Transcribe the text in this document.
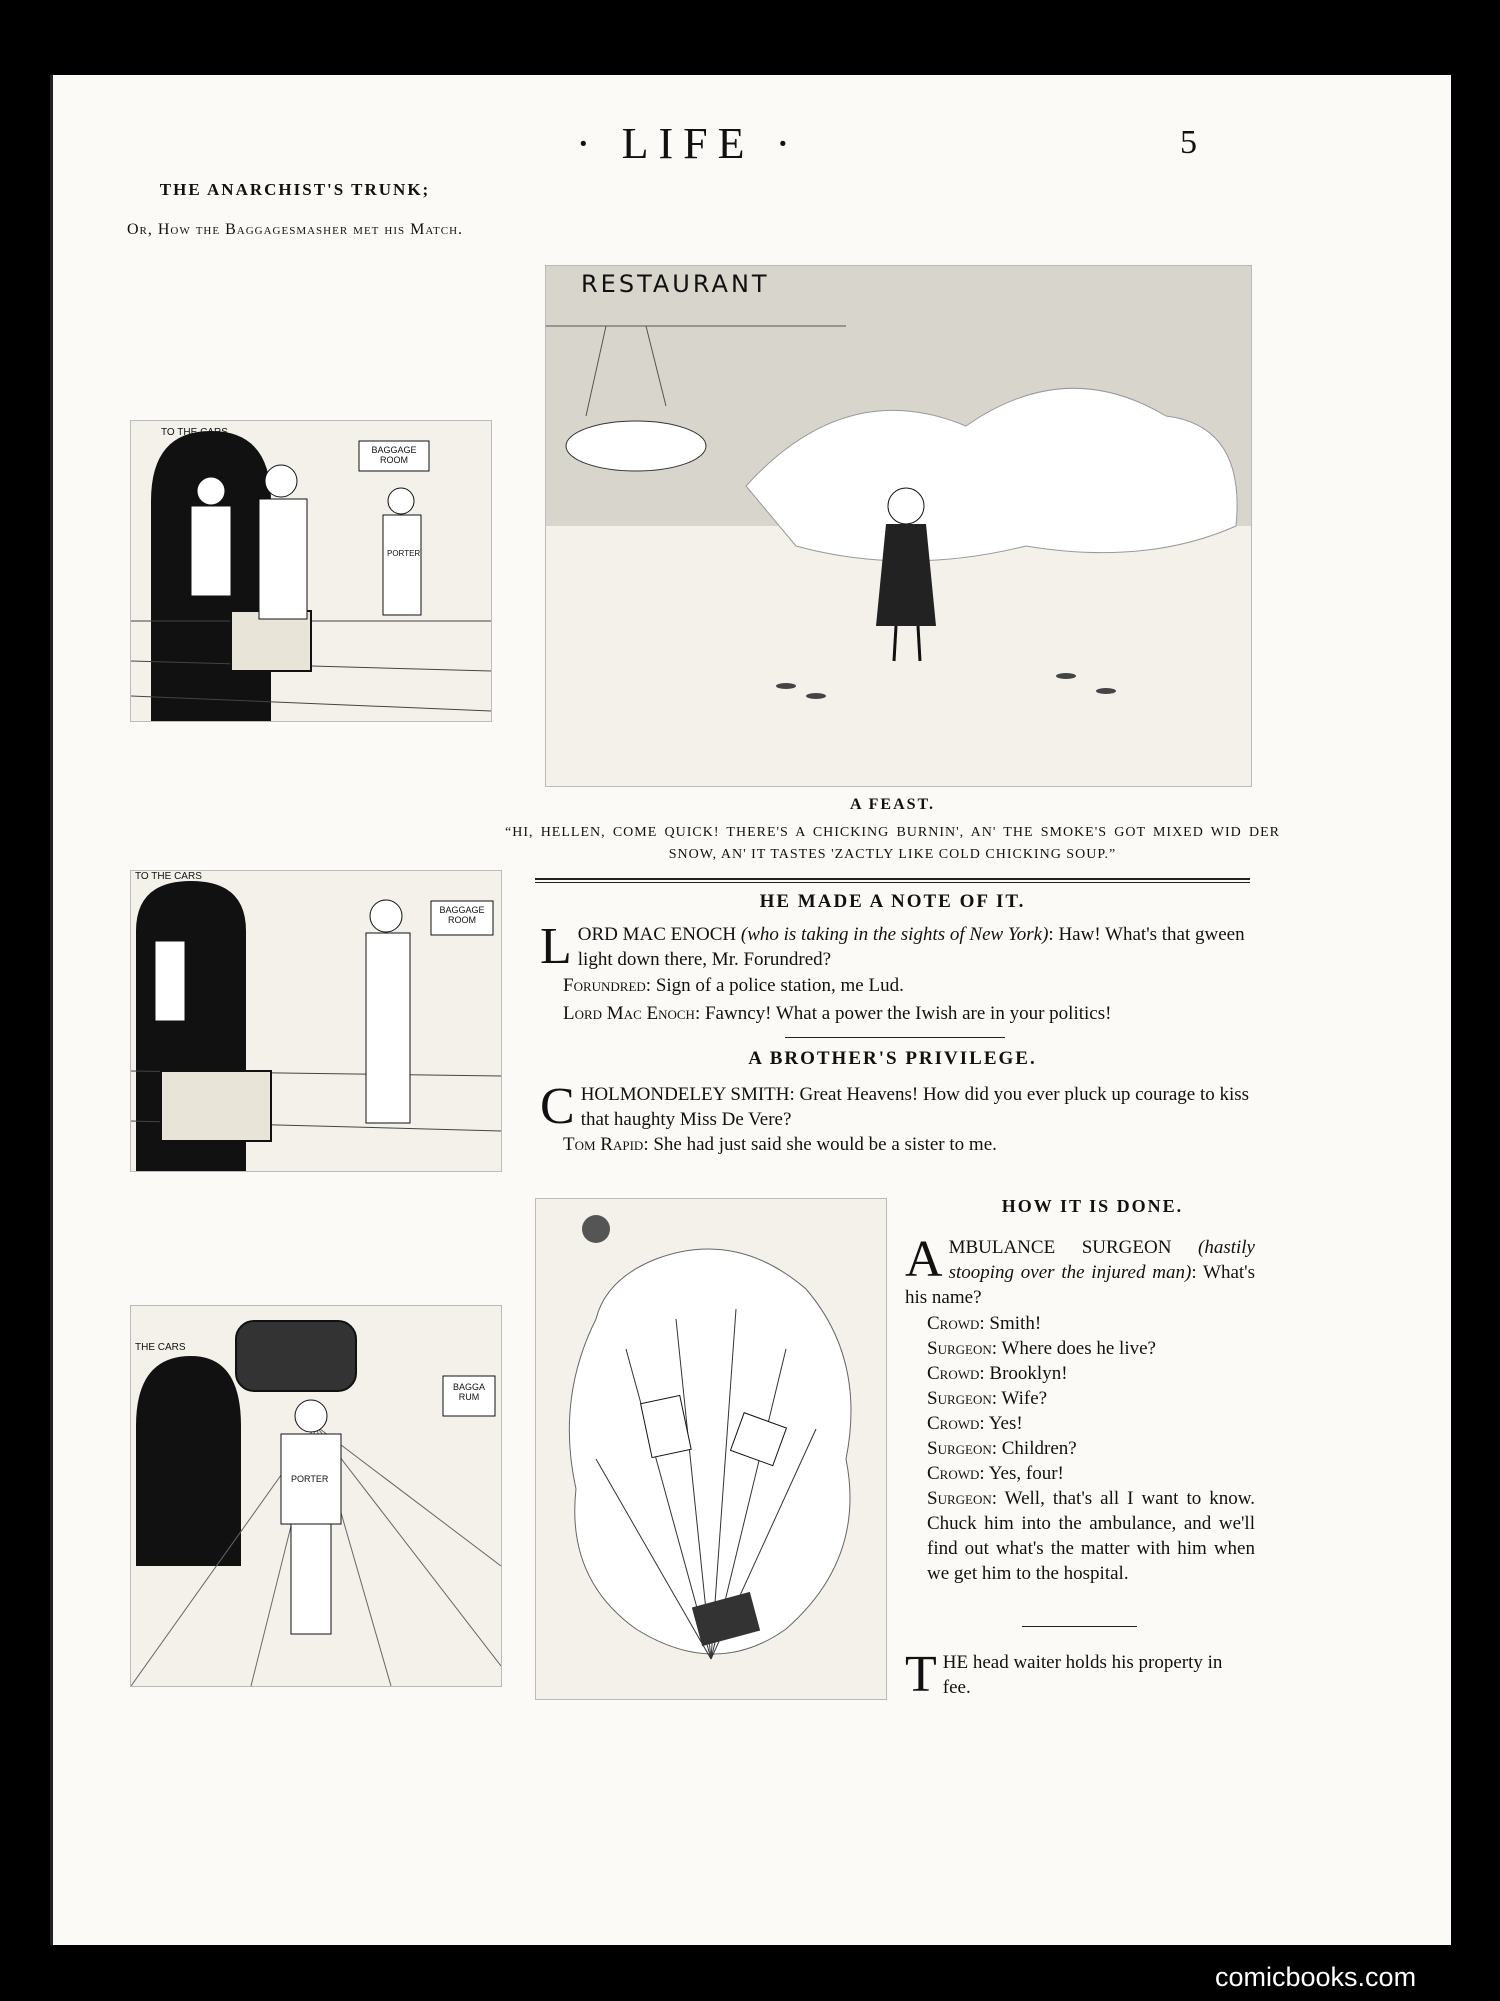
· LIFE ·	5
THE ANARCHIST'S TRUNK;
Or, How the Baggagesmasher met his Match.
TO THE CARS
BAGGAGE ROOM
PORTER
TO THE CARS
BAGGAGE ROOM
THE CARS
BAGGA RUM
PORTER
RESTAURANT
A FEAST.
“HI, HELLEN, COME QUICK! THERE'S A CHICKING BURNIN', AN' THE SMOKE'S GOT MIXED WID DER SNOW, AN' IT TASTES 'ZACTLY LIKE COLD CHICKING SOUP.”
HE MADE A NOTE OF IT.
LORD MAC ENOCH (who is taking in the sights of New York): Haw! What's that gween light down there, Mr. Forundred?
Forundred: Sign of a police station, me Lud.
Lord Mac Enoch: Fawncy! What a power the Iwish are in your politics!
A BROTHER'S PRIVILEGE.
CHOLMONDELEY SMITH: Great Heavens! How did you ever pluck up courage to kiss that haughty Miss De Vere?
Tom Rapid: She had just said she would be a sister to me.
HOW IT IS DONE.
AMBULANCE SURGEON (hastily stooping over the injured man): What's his name?
Crowd: Smith!
Surgeon: Where does he live?
Crowd: Brooklyn!
Surgeon: Wife?
Crowd: Yes!
Surgeon: Children?
Crowd: Yes, four!
Surgeon: Well, that's all I want to know. Chuck him into the ambulance, and we'll find out what's the matter with him when we get him to the hospital.
THE head waiter holds his property in fee.
comicbooks.com
